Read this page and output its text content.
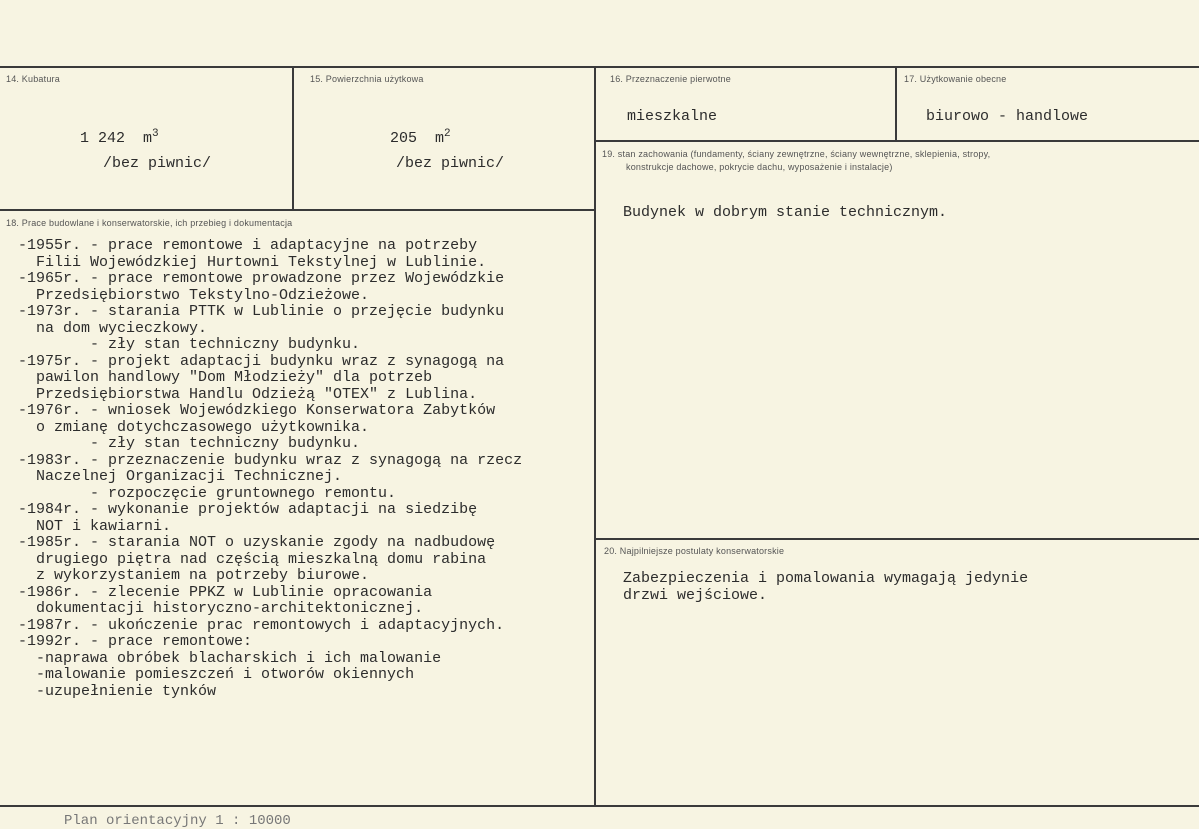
14. Kubatura
1 242 $m^3$
/bez piwnic/
15. Powierzchnia użytkowa
205 $m^2$
/bez piwnic/
16. Przeznaczenie pierwotne
mieszkalne
17. Użytkowanie obecne
biurowo - handlowe
19. stan zachowania (fundamenty, ściany zewnętrzne, ściany wewnętrzne, sklepienia, stropy,
konstrukcje dachowe, pokrycie dachu, wyposażenie i instalacje)
Budynek w dobrym stanie technicznym.
20. Najpilniejsze postulaty konserwatorskie
Zabezpieczenia i pomalowania wymagają jedynie
drzwi wejściowe.
18. Prace budowlane i konserwatorskie, ich przebieg i dokumentacja
-1955r. - prace remontowe i adaptacyjne na potrzeby
Filii Wojewódzkiej Hurtowni Tekstylnej w Lublinie.
-1965r. - prace remontowe prowadzone przez Wojewódzkie
Przedsiębiorstwo Tekstylno-Odzieżowe.
-1973r. - starania PTTK w Lublinie o przejęcie budynku
na dom wycieczkowy.
- zły stan techniczny budynku.
-1975r. - projekt adaptacji budynku wraz z synagogą na
pawilon handlowy "Dom Młodzieży" dla potrzeb
Przedsiębiorstwa Handlu Odzieżą "OTEX" z Lublina.
-1976r. - wniosek Wojewódzkiego Konserwatora Zabytków
o zmianę dotychczasowego użytkownika.
- zły stan techniczny budynku.
-1983r. - przeznaczenie budynku wraz z synagogą na rzecz
Naczelnej Organizacji Technicznej.
- rozpoczęcie gruntownego remontu.
-1984r. - wykonanie projektów adaptacji na siedzibę
NOT i kawiarni.
-1985r. - starania NOT o uzyskanie zgody na nadbudowę
drugiego piętra nad częścią mieszkalną domu rabina
z wykorzystaniem na potrzeby biurowe.
-1986r. - zlecenie PPKZ w Lublinie opracowania
dokumentacji historyczno-architektonicznej.
-1987r. - ukończenie prac remontowych i adaptacyjnych.
-1992r. - prace remontowe:
-naprawa obróbek blacharskich i ich malowanie
-malowanie pomieszczeń i otworów okiennych
-uzupełnienie tynków
Plan orientacyjny 1 : 10000
